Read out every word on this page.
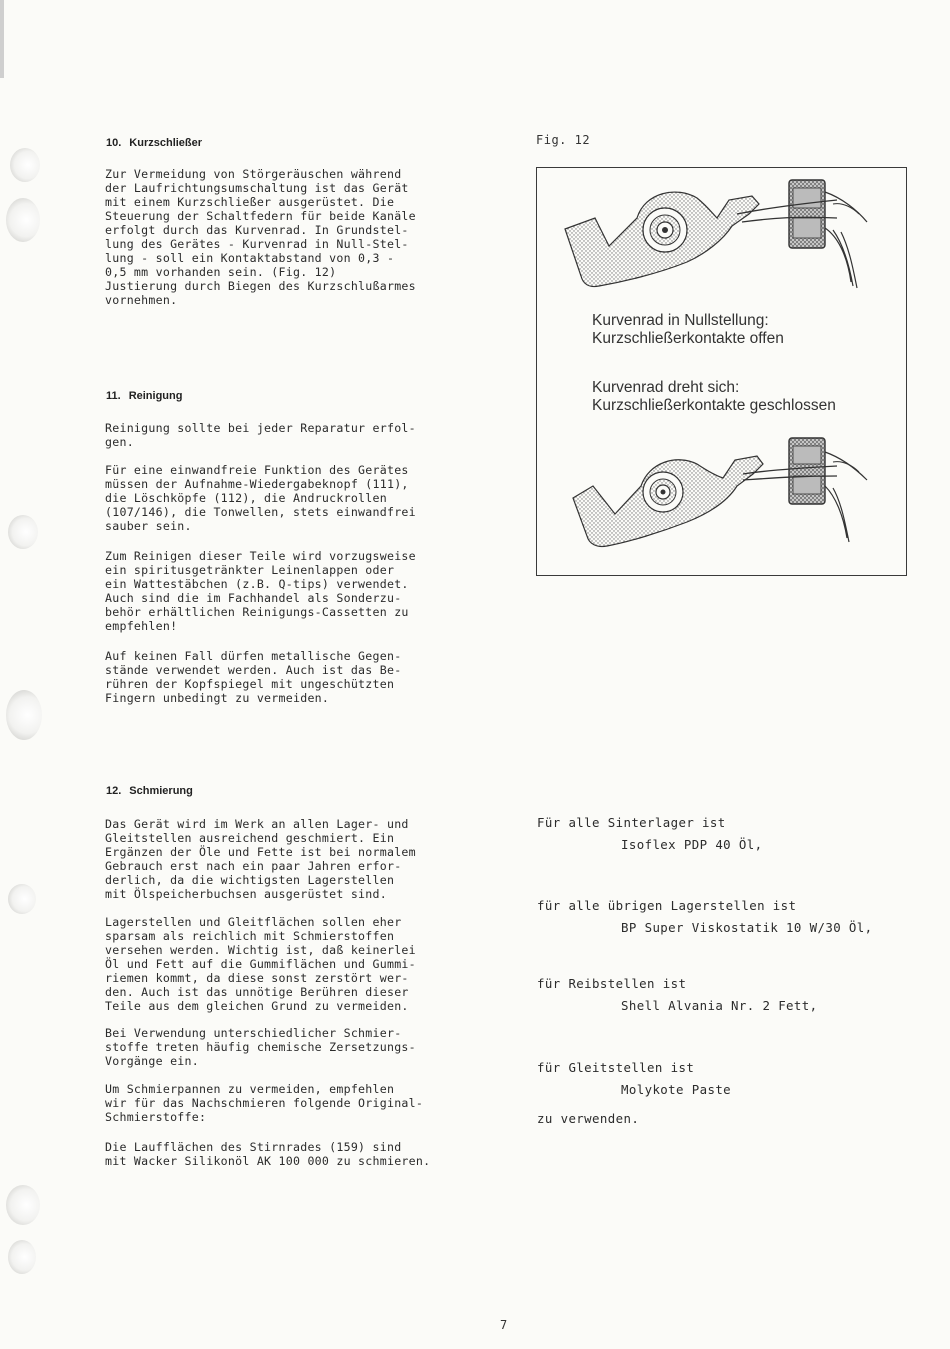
10. Kurzschließer

Zur Vermeidung von Störgeräuschen während
der Laufrichtungsumschaltung ist das Gerät
mit einem Kurzschließer ausgerüstet. Die
Steuerung der Schaltfedern für beide Kanäle
erfolgt durch das Kurvenrad. In Grundstel-
lung des Gerätes - Kurvenrad in Null-Stel-
lung - soll ein Kontaktabstand von 0,3 -
0,5 mm vorhanden sein. (Fig. 12)
Justierung durch Biegen des Kurzschlußarmes
vornehmen.

11. Reinigung

Reinigung sollte bei jeder Reparatur erfol-
gen.

Für eine einwandfreie Funktion des Gerätes
müssen der Aufnahme-Wiedergabeknopf (111),
die Löschköpfe (112), die Andruckrollen
(107/146), die Tonwellen, stets einwandfrei
sauber sein.

Zum Reinigen dieser Teile wird vorzugsweise
ein spiritusgetränkter Leinenlappen oder
ein Wattestäbchen (z.B. Q-tips) verwendet.
Auch sind die im Fachhandel als Sonderzu-
behör erhältlichen Reinigungs-Cassetten zu
empfehlen!

Auf keinen Fall dürfen metallische Gegen-
stände verwendet werden. Auch ist das Be-
rühren der Kopfspiegel mit ungeschützten
Fingern unbedingt zu vermeiden.

Fig. 12
Kurvenrad in Nullstellung:
Kurzschließerkontakte offen
Kurvenrad dreht sich:
Kurzschließerkontakte geschlossen
12. Schmierung

Das Gerät wird im Werk an allen Lager- und
Gleitstellen ausreichend geschmiert. Ein
Ergänzen der Öle und Fette ist bei normalem
Gebrauch erst nach ein paar Jahren erfor-
derlich, da die wichtigsten Lagerstellen
mit Ölspeicherbuchsen ausgerüstet sind.

Lagerstellen und Gleitflächen sollen eher
sparsam als reichlich mit Schmierstoffen
versehen werden. Wichtig ist, daß keinerlei
Öl und Fett auf die Gummiflächen und Gummi-
riemen kommt, da diese sonst zerstört wer-
den. Auch ist das unnötige Berühren dieser
Teile aus dem gleichen Grund zu vermeiden.

Bei Verwendung unterschiedlicher Schmier-
stoffe treten häufig chemische Zersetzungs-
Vorgänge ein.

Um Schmierpannen zu vermeiden, empfehlen
wir für das Nachschmieren folgende Original-
Schmierstoffe:

Die Laufflächen des Stirnrades (159) sind
mit Wacker Silikonöl AK 100 000 zu schmieren.

Für alle Sinterlager ist
Isoflex PDP 40 Öl,
für alle übrigen Lagerstellen ist
BP Super Viskostatik 10 W/30 Öl,
für Reibstellen ist
Shell Alvania Nr. 2 Fett,
für Gleitstellen ist
Molykote Paste
zu verwenden.
7
